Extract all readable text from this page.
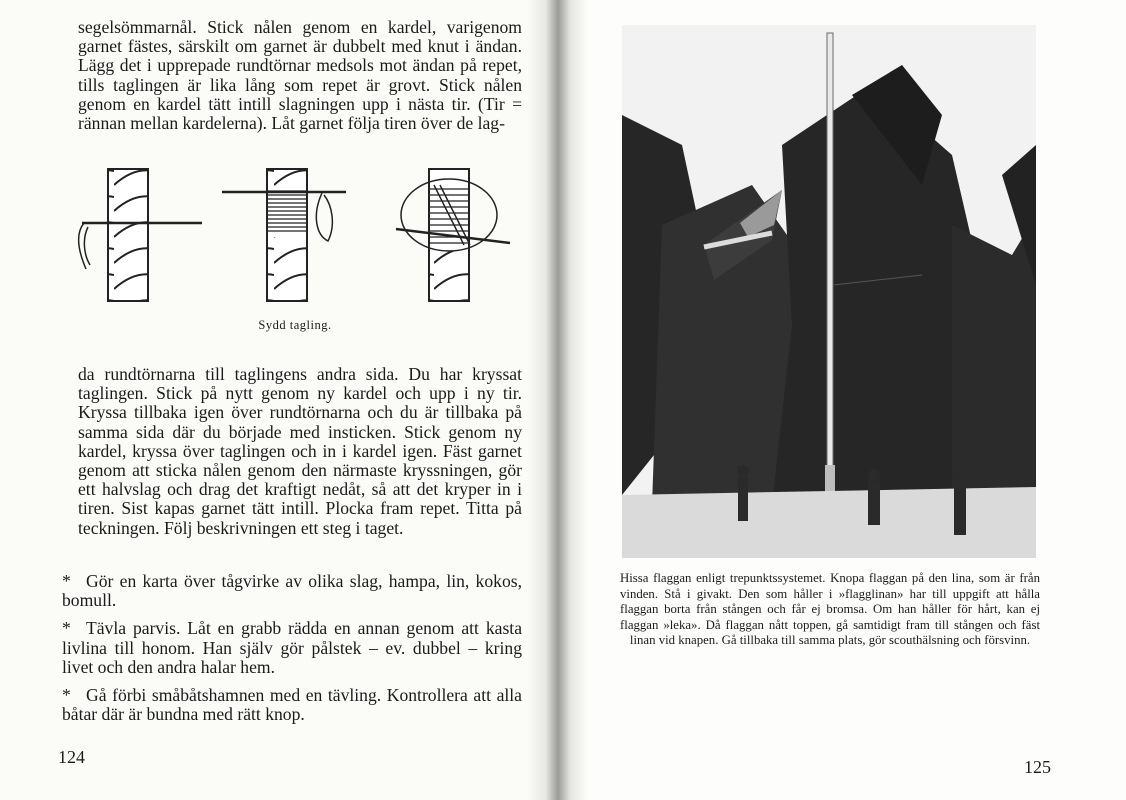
segelsömmarnål. Stick nålen genom en kardel, varigenom garnet fästes, särskilt om garnet är dubbelt med knut i ändan. Lägg det i upprepade rundtörnar medsols mot ändan på repet, tills taglingen är lika lång som repet är grovt. Stick nålen genom en kardel tätt intill slagningen upp i nästa tir. (Tir = rännan mellan kardelerna). Låt garnet följa tiren över de lag-

Sydd tagling.

da rundtörnarna till taglingens andra sida. Du har kryssat taglingen. Stick på nytt genom ny kardel och upp i ny tir. Kryssa tillbaka igen över rundtörnarna och du är tillbaka på samma sida där du började med insticken. Stick genom ny kardel, kryssa över taglingen och in i kardel igen. Fäst garnet genom att sticka nålen genom den närmaste kryssningen, gör ett halvslag och drag det kraftigt nedåt, så att det kryper in i tiren. Sist kapas garnet tätt intill. Plocka fram repet. Titta på teckningen. Följ beskrivningen ett steg i taget.

* Gör en karta över tågvirke av olika slag, hampa, lin, kokos, bomull.

* Tävla parvis. Låt en grabb rädda en annan genom att kasta livlina till honom. Han själv gör pålstek – ev. dubbel – kring livet och den andra halar hem.

* Gå förbi småbåtshamnen med en tävling. Kontrollera att alla båtar där är bundna med rätt knop.

124

Hissa flaggan enligt trepunktssystemet. Knopa flaggan på den lina, som är från vinden. Stå i givakt. Den som håller i »flagglinan» har till uppgift att hålla flaggan borta från stången och får ej bromsa. Om han håller för hårt, kan ej flaggan »leka». Då flaggan nått toppen, gå samtidigt fram till stången och fäst linan vid knapen. Gå tillbaka till samma plats, gör scouthälsning och försvinn.

125
